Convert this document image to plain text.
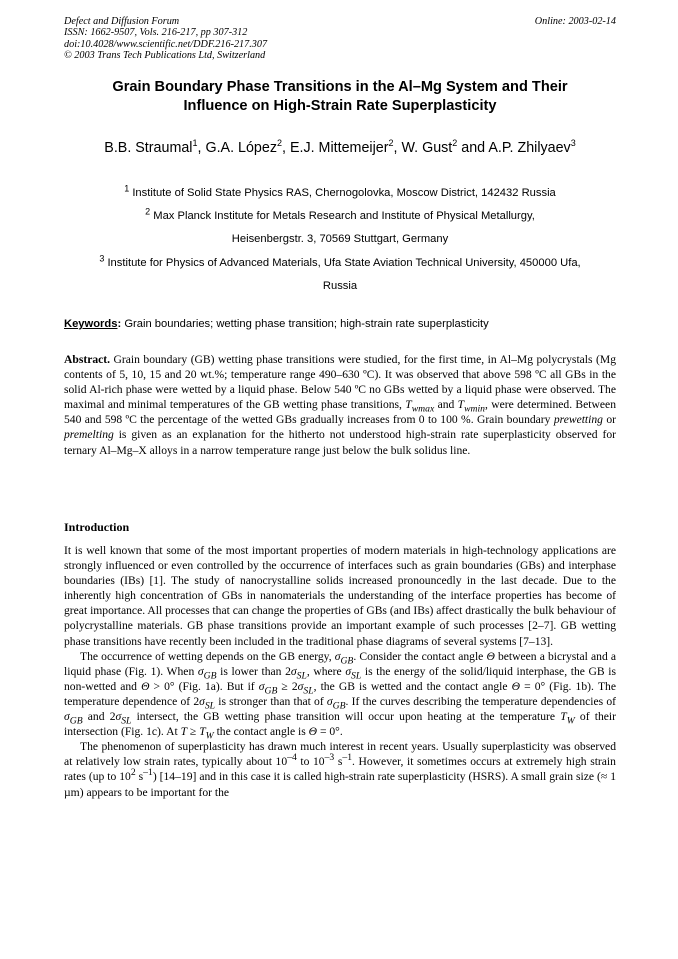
Defect and Diffusion Forum
ISSN: 1662-9507, Vols. 216-217, pp 307-312
doi:10.4028/www.scientific.net/DDF.216-217.307
© 2003 Trans Tech Publications Ltd, Switzerland
Online: 2003-02-14
Grain Boundary Phase Transitions in the Al–Mg System and Their
Influence on High-Strain Rate Superplasticity
B.B. Straumal$^1$, G.A. López$^2$, E.J. Mittemeijer$^2$, W. Gust$^2$ and A.P. Zhilyaev$^3$
$^1$ Institute of Solid State Physics RAS, Chernogolovka, Moscow District, 142432 Russia
$^2$ Max Planck Institute for Metals Research and Institute of Physical Metallurgy,
Heisenbergstr. 3, 70569 Stuttgart, Germany
$^3$ Institute for Physics of Advanced Materials, Ufa State Aviation Technical University, 450000 Ufa,
Russia
Keywords: Grain boundaries; wetting phase transition; high-strain rate superplasticity
Abstract. Grain boundary (GB) wetting phase transitions were studied, for the first time, in Al–Mg polycrystals (Mg contents of 5, 10, 15 and 20 wt.%; temperature range 490–630 ºC). It was observed that above 598 ºC all GBs in the solid Al-rich phase were wetted by a liquid phase. Below 540 ºC no GBs wetted by a liquid phase were observed. The maximal and minimal temperatures of the GB wetting phase transitions, $T_{wmax}$ and $T_{wmin}$, were determined. Between 540 and 598 ºC the percentage of the wetted GBs gradually increases from 0 to 100 %. Grain boundary prewetting or premelting is given as an explanation for the hitherto not understood high-strain rate superplasticity observed for ternary Al–Mg–X alloys in a narrow temperature range just below the bulk solidus line.
Introduction

It is well known that some of the most important properties of modern materials in high-technology applications are strongly influenced or even controlled by the occurrence of interfaces such as grain boundaries (GBs) and interphase boundaries (IBs) [1]. The study of nanocrystalline solids increased pronouncedly in the last decade. Due to the inherently high concentration of GBs in nanomaterials the understanding of the interface properties has become of great importance. All processes that can change the properties of GBs (and IBs) affect drastically the bulk behaviour of polycrystalline materials. GB phase transitions provide an important example of such processes [2–7]. GB wetting phase transitions have recently been included in the traditional phase diagrams of several systems [7–13].

The occurrence of wetting depends on the GB energy, $\sigma_{GB}$. Consider the contact angle Θ between a bicrystal and a liquid phase (Fig. 1). When $\sigma_{GB}$ is lower than $2\sigma_{SL}$, where $\sigma_{SL}$ is the energy of the solid/liquid interphase, the GB is non-wetted and Θ > 0° (Fig. 1a). But if $\sigma_{GB} \ge 2\sigma_{SL}$, the GB is wetted and the contact angle Θ = 0° (Fig. 1b). The temperature dependence of $2\sigma_{SL}$ is stronger than that of $\sigma_{GB}$. If the curves describing the temperature dependencies of $\sigma_{GB}$ and $2\sigma_{SL}$ intersect, the GB wetting phase transition will occur upon heating at the temperature $T_W$ of their intersection (Fig. 1c). At $T \ge T_W$ the contact angle is Θ = 0°.

The phenomenon of superplasticity has drawn much interest in recent years. Usually superplasticity was observed at relatively low strain rates, typically about $10^{-4}$ to $10^{-3}$ $s^{-1}$. However, it sometimes occurs at extremely high strain rates (up to $10^2$ $s^{-1}$) [14–19] and in this case it is called high-strain rate superplasticity (HSRS). A small grain size (≈ 1 µm) appears to be important for the
